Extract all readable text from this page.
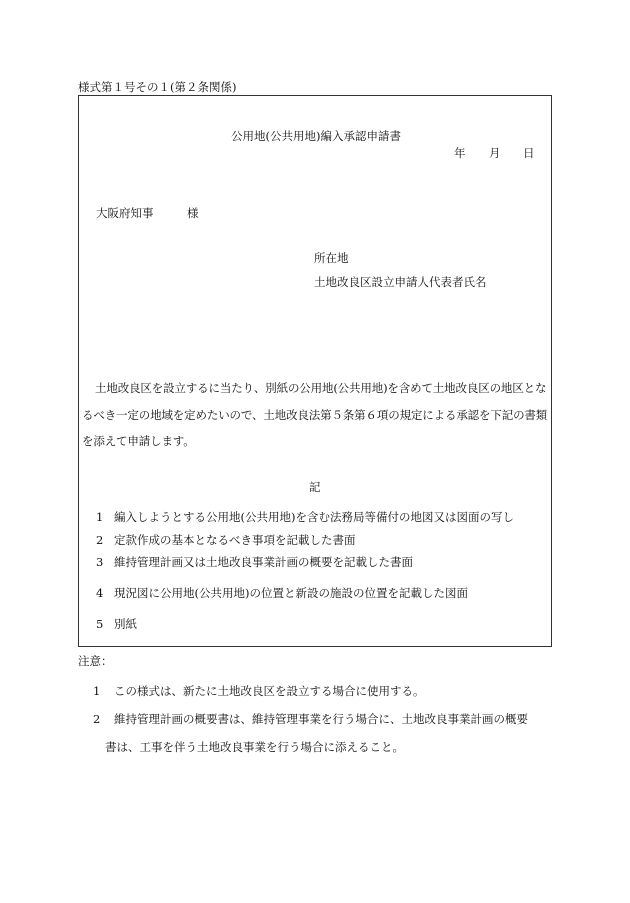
様式第１号その１(第２条関係)
公用地(公共用地)編入承認申請書
年 月 日
大阪府知事	様
所在地
土地改良区設立申請人代表者氏名
土地改良区を設立するに当たり、別紙の公用地(公共用地)を含めて土地改良区の地区となるべき一定の地域を定めたいので、土地改良法第５条第６項の規定による承認を下記の書類を添えて申請します。
記
1 編入しようとする公用地(公共用地)を含む法務局等備付の地図又は図面の写し
2 定款作成の基本となるべき事項を記載した書面
3 維持管理計画又は土地改良事業計画の概要を記載した書面
4 現況図に公用地(公共用地)の位置と新設の施設の位置を記載した図面
5 別紙
注意：
1 この様式は、新たに土地改良区を設立する場合に使用する。
2 維持管理計画の概要書は、維持管理事業を行う場合に、土地改良事業計画の概要
書は、工事を伴う土地改良事業を行う場合に添えること。
